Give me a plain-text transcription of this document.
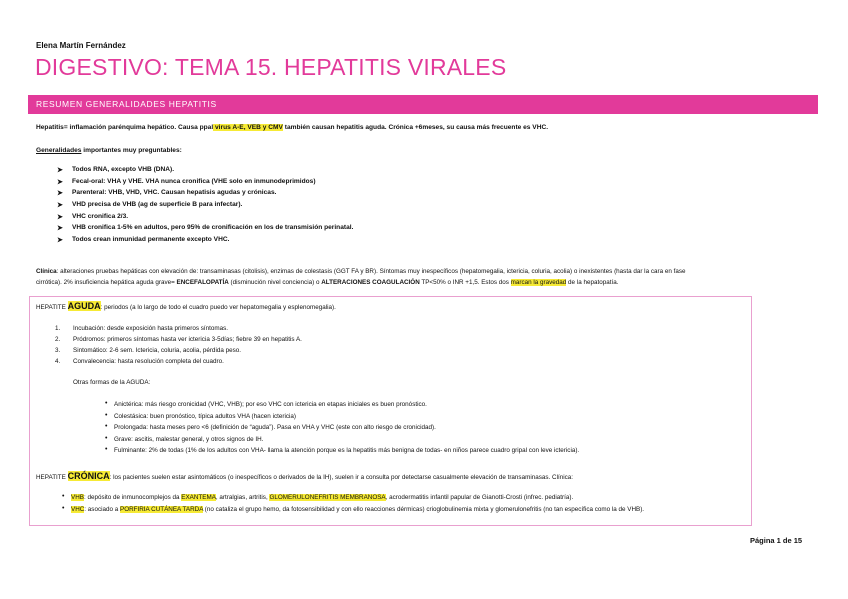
Elena Martín Fernández
DIGESTIVO: TEMA 15. HEPATITIS VIRALES
RESUMEN GENERALIDADES HEPATITIS
Hepatitis= inflamación parénquima hepático. Causa ppal virus A-E, VEB y CMV también causan hepatitis aguda. Crónica +6meses, su causa más frecuente es VHC.
Generalidades importantes muy preguntables:
➤ Todos RNA, excepto VHB (DNA).
➤ Fecal-oral: VHA y VHE. VHA nunca cronifica (VHE solo en inmunodeprimidos)
➤ Parenteral: VHB, VHD, VHC. Causan hepatisis agudas y crónicas.
➤ VHD precisa de VHB (ag de superficie B para infectar).
➤ VHC cronifica 2/3.
➤ VHB cronifica 1-5% en adultos, pero 95% de cronificación en los de transmisión perinatal.
➤ Todos crean inmunidad permanente excepto VHC.
Clínica: alteraciones pruebas hepáticas con elevación de: transaminasas (citolisis), enzimas de colestasis (GGT FA y BR). Síntomas muy inespecíficos (hepatomegalia, ictericia, coluria, acolia) o inexistentes (hasta dar la cara en fase
cirrótica). 2% insuficiencia hepática aguda grave= ENCEFALOPATÍA (disminución nivel conciencia) o ALTERACIONES COAGULACIÓN TP<50% o INR +1,5. Estos dos marcan la gravedad de la hepatopatía.
HEPATITE AGUDA: periodos (a lo largo de todo el cuadro puedo ver hepatomegalia y esplenomegalia).
1. Incubación: desde exposición hasta primeros síntomas.
2. Pródromos: primeros síntomas hasta ver ictericia 3-5días; fiebre 39 en hepatitis A.
3. Sintomático: 2-6 sem. Ictericia, coluria, acolia, pérdida peso.
4. Convalecencia: hasta resolución completa del cuadro.
Otras formas de la AGUDA:
• Anictérica: más riesgo cronicidad (VHC, VHB); por eso VHC con ictericia en etapas iniciales es buen pronóstico.
• Colestásica: buen pronóstico, típica adultos VHA (hacen ictericia)
• Prolongada: hasta meses pero <6 (definición de “aguda”). Pasa en VHA y VHC (este con alto riesgo de cronicidad).
• Grave: ascitis, malestar general, y otros signos de IH.
• Fulminante: 2% de todas (1% de los adultos con VHA- llama la atención porque es la hepatitis más benigna de todas- en niños parece cuadro gripal con leve ictericia).
HEPATITE CRÓNICA: los pacientes suelen estar asintomáticos (o inespecíficos o derivados de la IH), suelen ir a consulta por detectarse casualmente elevación de transaminasas. Clínica:
• VHB: depósito de inmunocomplejos da EXANTEMA, artralgias, artritis, GLOMERULONEFRITIS MEMBRANOSA, acrodermatitis infantil papular de Gianotti-Crosti (infrec. pediatría).
• VHC: asociado a PORFIRIA CUTÁNEA TARDA (no cataliza el grupo hemo, da fotosensibilidad y con ello reacciones dérmicas) crioglobulinemia mixta y glomerulonefritis (no tan específica como la de VHB).
Página 1 de 15
